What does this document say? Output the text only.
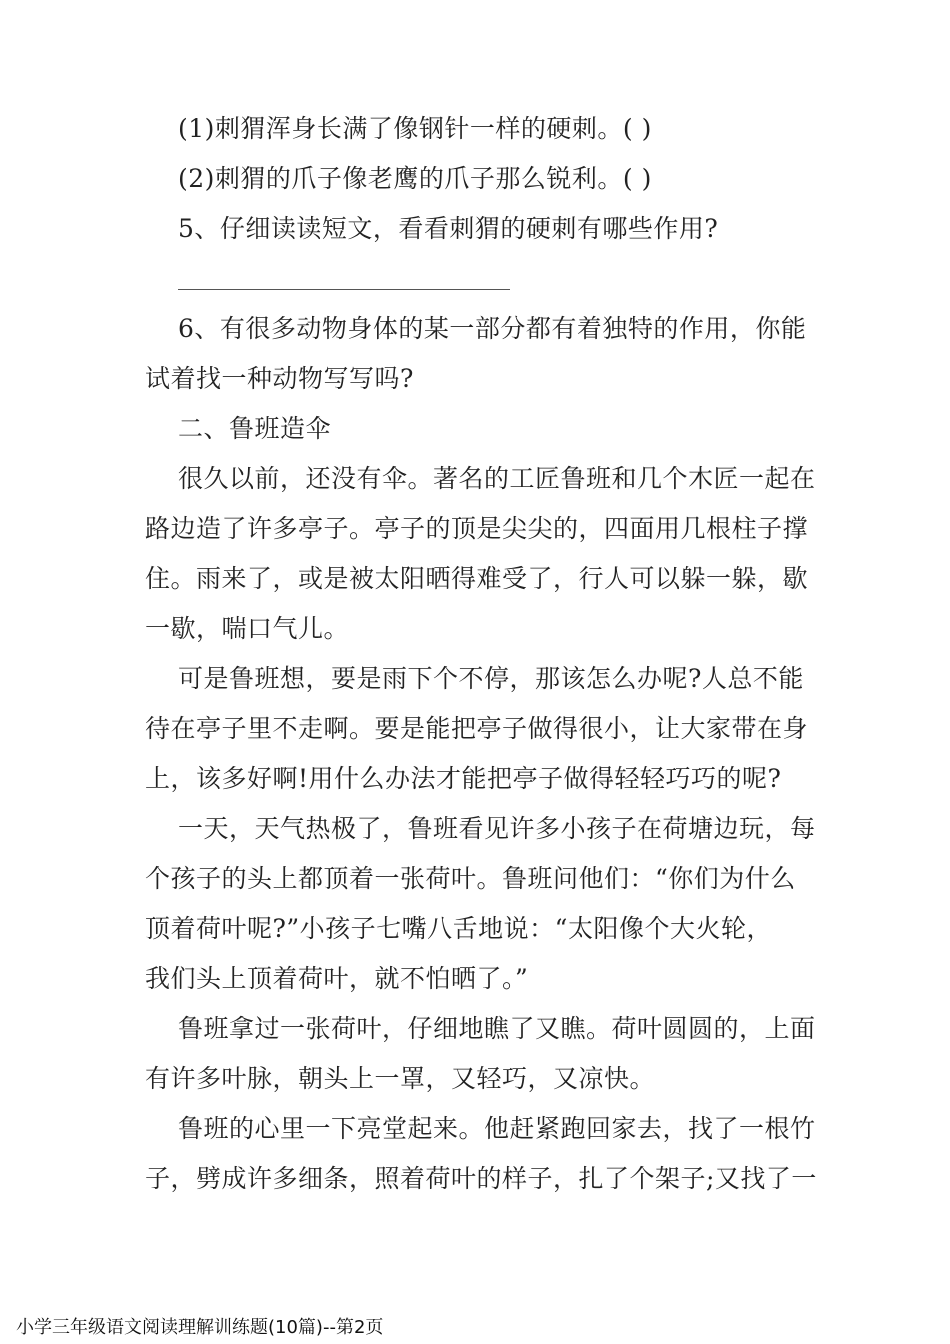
(1)刺猬浑身长满了像钢针一样的硬刺。( )
(2)刺猬的爪子像老鹰的爪子那么锐利。( )
5、仔细读读短文，看看刺猬的硬刺有哪些作用?
6、有很多动物身体的某一部分都有着独特的作用，你能
试着找一种动物写写吗?
二、鲁班造伞
很久以前，还没有伞。著名的工匠鲁班和几个木匠一起在
路边造了许多亭子。亭子的顶是尖尖的，四面用几根柱子撑
住。雨来了，或是被太阳晒得难受了，行人可以躲一躲，歇
一歇，喘口气儿。
可是鲁班想，要是雨下个不停，那该怎么办呢?人总不能
待在亭子里不走啊。要是能把亭子做得很小，让大家带在身
上，该多好啊!用什么办法才能把亭子做得轻轻巧巧的呢?
一天，天气热极了，鲁班看见许多小孩子在荷塘边玩，每
个孩子的头上都顶着一张荷叶。鲁班问他们：“你们为什么
顶着荷叶呢?”小孩子七嘴八舌地说：“太阳像个大火轮，
我们头上顶着荷叶，就不怕晒了。”
鲁班拿过一张荷叶，仔细地瞧了又瞧。荷叶圆圆的，上面
有许多叶脉，朝头上一罩，又轻巧，又凉快。
鲁班的心里一下亮堂起来。他赶紧跑回家去，找了一根竹
子，劈成许多细条，照着荷叶的样子，扎了个架子;又找了一
小学三年级语文阅读理解训练题(10篇)--第2页
